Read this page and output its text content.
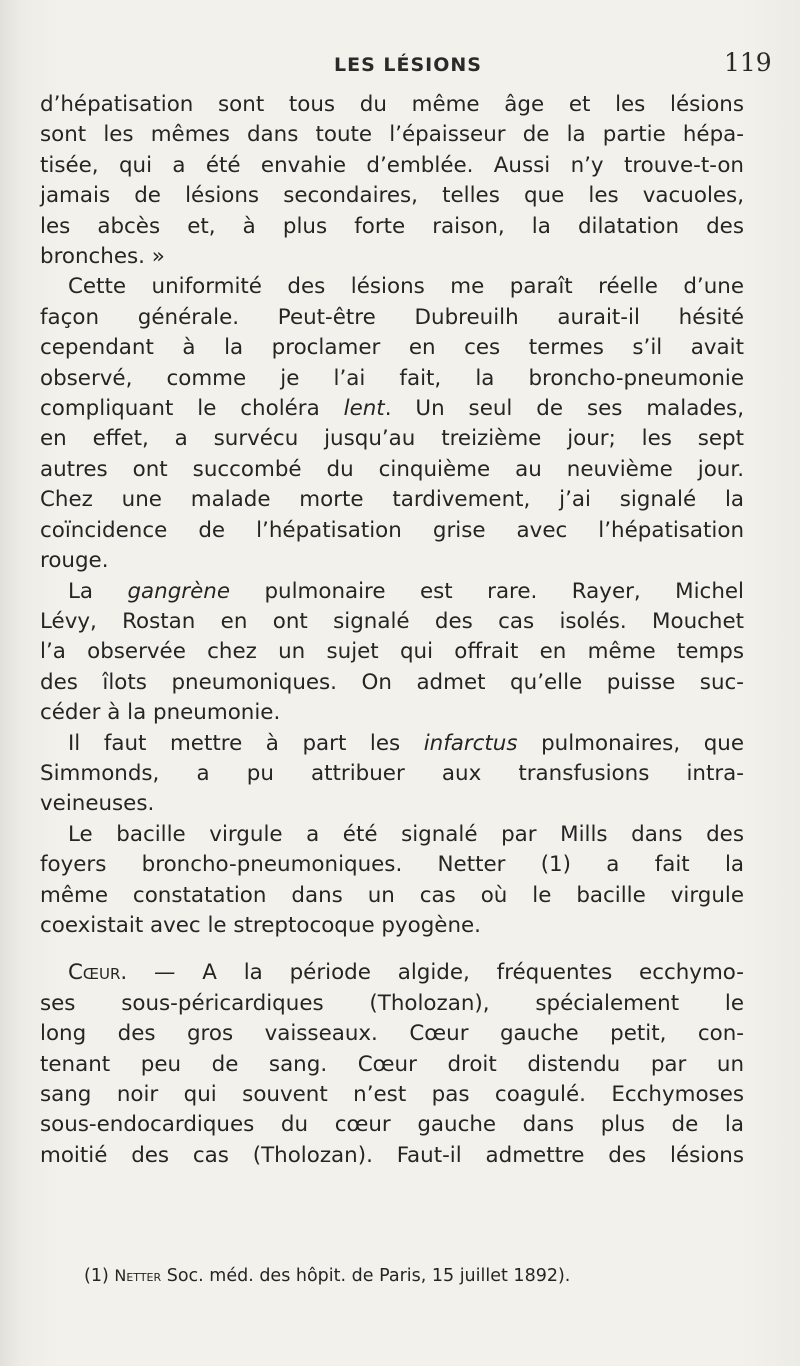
LES LÉSIONS	119
d’hépatisation sont tous du même âge et les lésions
sont les mêmes dans toute l’épaisseur de la partie hépa-
tisée, qui a été envahie d’emblée. Aussi n’y trouve-t-on
jamais de lésions secondaires, telles que les vacuoles,
les abcès et, à plus forte raison, la dilatation des
bronches. »
Cette uniformité des lésions me paraît réelle d’une
façon générale. Peut-être Dubreuilh aurait-il hésité
cependant à la proclamer en ces termes s’il avait
observé, comme je l’ai fait, la broncho-pneumonie
compliquant le choléra lent. Un seul de ses malades,
en effet, a survécu jusqu’au treizième jour; les sept
autres ont succombé du cinquième au neuvième jour.
Chez une malade morte tardivement, j’ai signalé la
coïncidence de l’hépatisation grise avec l’hépatisation
rouge.
La gangrène pulmonaire est rare. Rayer, Michel
Lévy, Rostan en ont signalé des cas isolés. Mouchet
l’a observée chez un sujet qui offrait en même temps
des îlots pneumoniques. On admet qu’elle puisse suc-
céder à la pneumonie.
Il faut mettre à part les infarctus pulmonaires, que
Simmonds, a pu attribuer aux transfusions intra-
veineuses.
Le bacille virgule a été signalé par Mills dans des
foyers broncho-pneumoniques. Netter (1) a fait la
même constatation dans un cas où le bacille virgule
coexistait avec le streptocoque pyogène.
Cœur. — A la période algide, fréquentes ecchymo-
ses sous-péricardiques (Tholozan), spécialement le
long des gros vaisseaux. Cœur gauche petit, con-
tenant peu de sang. Cœur droit distendu par un
sang noir qui souvent n’est pas coagulé. Ecchymoses
sous-endocardiques du cœur gauche dans plus de la
moitié des cas (Tholozan). Faut-il admettre des lésions
(1) Netter Soc. méd. des hôpit. de Paris, 15 juillet 1892).
